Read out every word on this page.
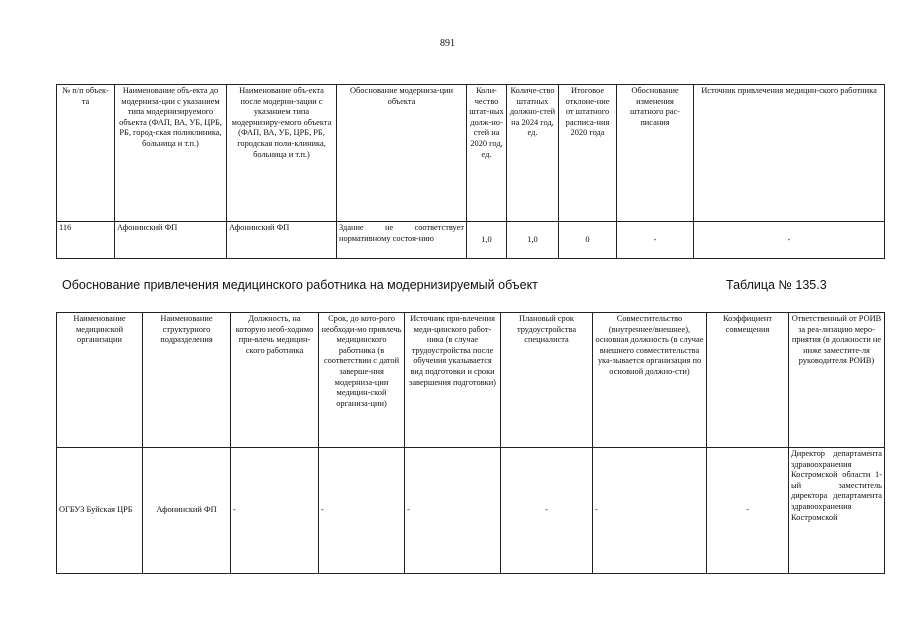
891
№ п/п объек-та	Наименование объ-екта до модерниза-ции с указанием типа модернизируемого объекта (ФАП, ВА, УБ, ЦРБ, РБ, город-ская поликлиника, больница и т.п.)	Наименование объ-екта после модерни-зации с указанием типа модернизиру-емого объекта (ФАП, ВА, УБ, ЦРБ, РБ, городская поли-клиника, больница и т.п.)	Обоснование модерниза-ции объекта	Коли-чество штат-ных долж-но-стей на 2020 год, ед.	Количе-ство штатных должно-стей на 2024 год, ед.	Итоговое отклоне-ние от штатного расписа-ния 2020 года	Обоснование изменения штатного рас-писания	Источник привлечения медицин-ского работника
116	Афонинский ФП	Афонинский ФП	Здание не соответствует нормативному состоя-нию	1,0	1,0	0	-	-
Обоснование привлечения медицинского работника на модернизируемый объект	Таблица № 135.3
Наименование медицинской организации	Наименование структурного подразделения	Должность, на которую необ-ходимо при-влечь медицин-ского работника	Срок, до кото-рого необходи-мо привлечь медицинского работника (в соответствии с датой заверше-ния модерниза-ции медицин-ской организа-ции)	Источник при-влечения меди-цинского работ-ника (в случае трудоустройства после обучения указывается вид подготовки и сроки завершения подготовки)	Плановый срок трудоустройства специалиста	Совместительство (внутреннее/внешнее), основная должность (в случае внешнего совместительства ука-зывается организация по основной должно-сти)	Коэффициент совмещения	Ответственный от РОИВ за реа-лизацию меро-приятия (в должности не ниже заместите-ля руководителя РОИВ)
ОГБУЗ Буйская ЦРБ	Афонинский ФП	-	-	-	-	-	-	Директор департамента здравоохранения Костромской области 1-ый заместитель директора департамента здравоохранения Костромской
